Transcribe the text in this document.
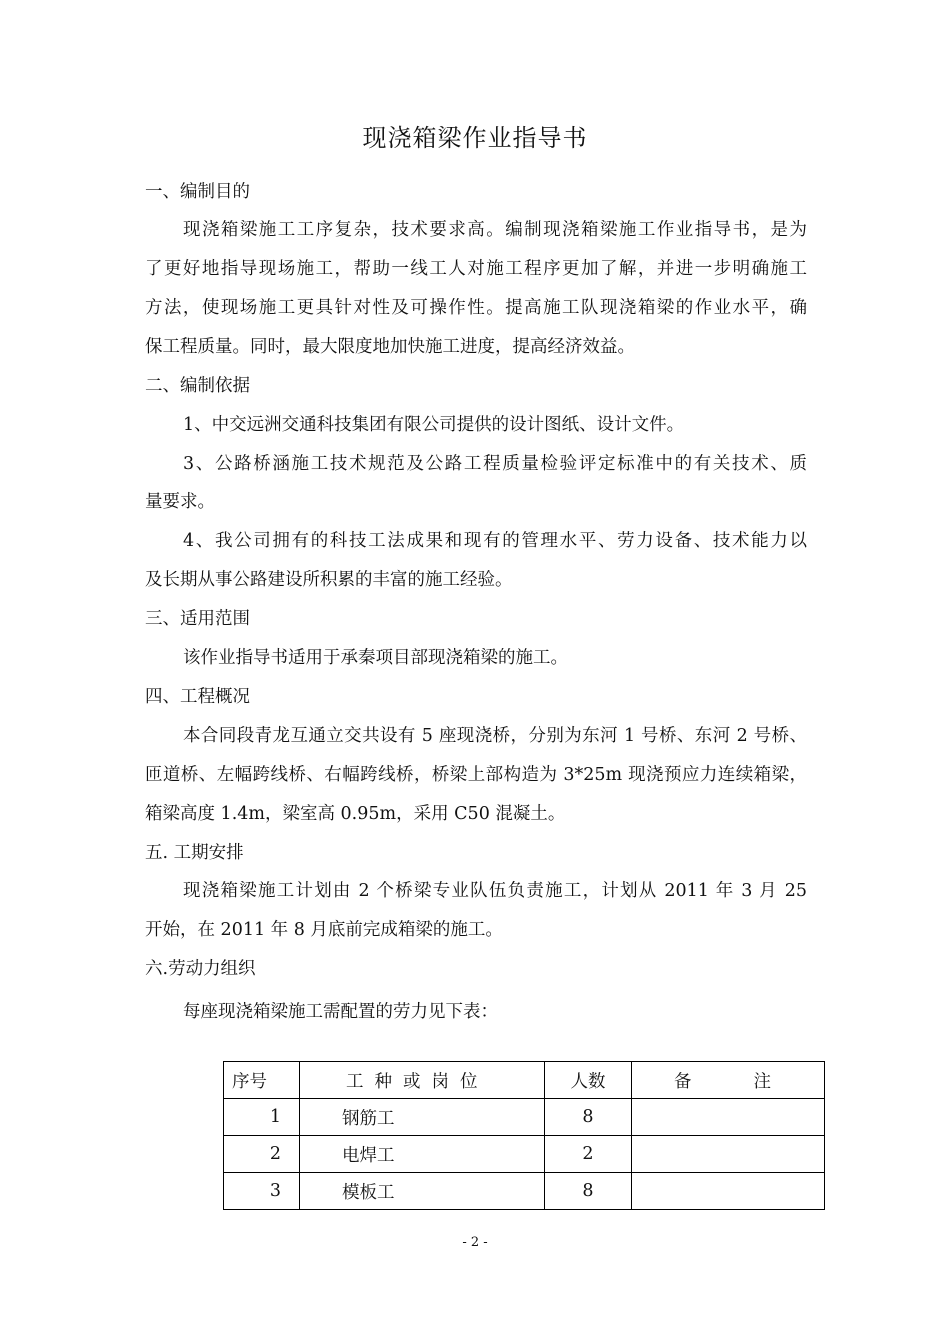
现浇箱梁作业指导书
一、编制目的
现浇箱梁施工工序复杂，技术要求高。编制现浇箱梁施工作业指导书，是为
了更好地指导现场施工，帮助一线工人对施工程序更加了解，并进一步明确施工
方法，使现场施工更具针对性及可操作性。提高施工队现浇箱梁的作业水平，确
保工程质量。同时，最大限度地加快施工进度，提高经济效益。
二、编制依据
1、中交远洲交通科技集团有限公司提供的设计图纸、设计文件。
3、公路桥涵施工技术规范及公路工程质量检验评定标准中的有关技术、质
量要求。
4、我公司拥有的科技工法成果和现有的管理水平、劳力设备、技术能力以
及长期从事公路建设所积累的丰富的施工经验。
三、适用范围
该作业指导书适用于承秦项目部现浇箱梁的施工。
四、工程概况
本合同段青龙互通立交共设有 5 座现浇桥，分别为东河 1 号桥、东河 2 号桥、
匝道桥、左幅跨线桥、右幅跨线桥，桥梁上部构造为 3*25m 现浇预应力连续箱梁，
箱梁高度 1.4m，梁室高 0.95m，采用 C50 混凝土。
五. 工期安排
现浇箱梁施工计划由 2 个桥梁专业队伍负责施工，计划从 2011 年 3 月 25
开始，在 2011 年 8 月底前完成箱梁的施工。
六.劳动力组织
每座现浇箱梁施工需配置的劳力见下表：
序号	工种或岗位	人数	备 注
1	钢筋工	8	
2	电焊工	2	
3	模板工	8	
- 2 -
